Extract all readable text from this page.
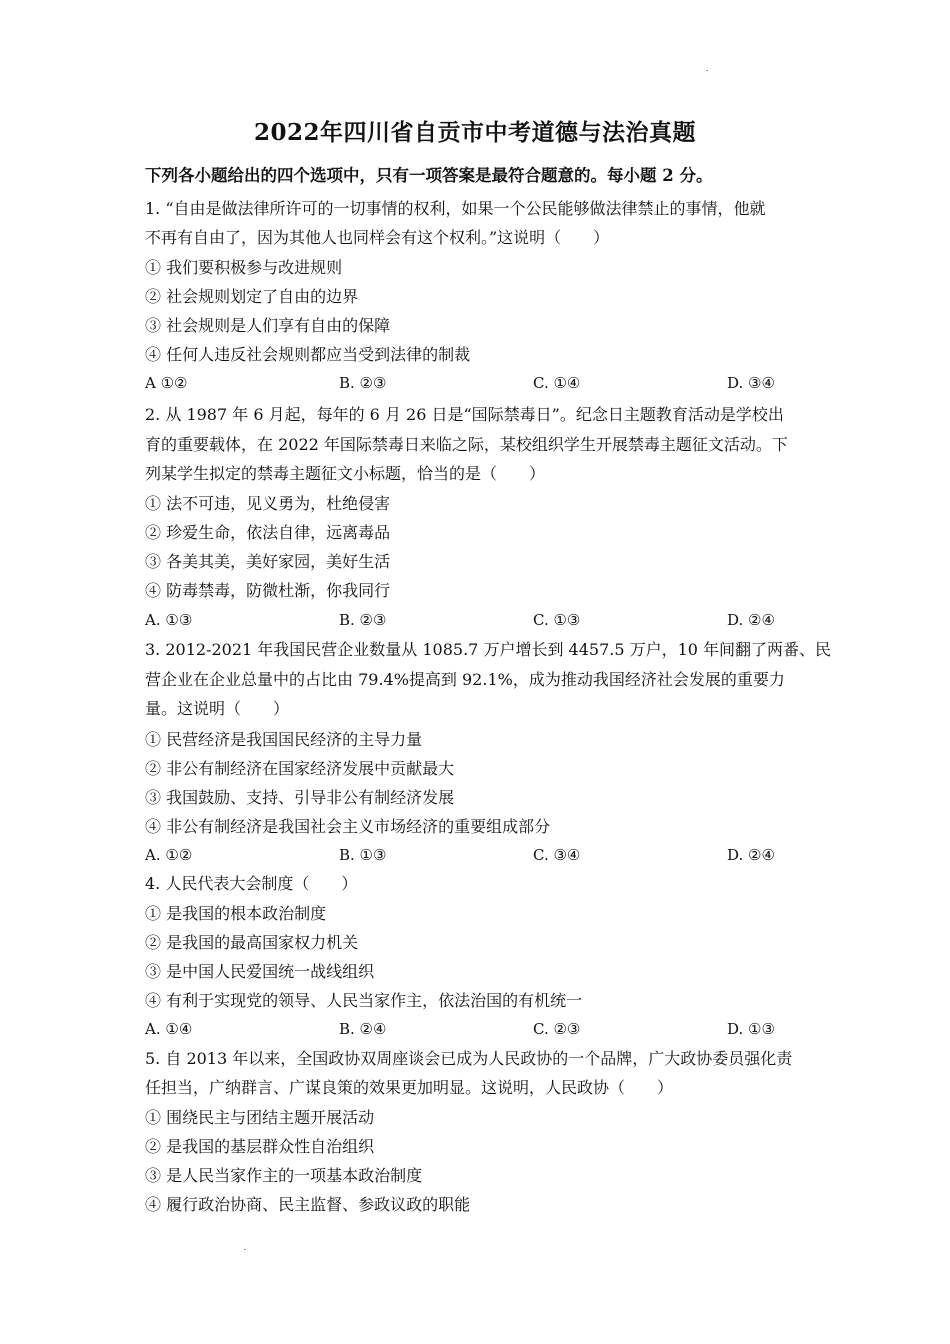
2022年四川省自贡市中考道德与法治真题
下列各小题给出的四个选项中，只有一项答案是最符合题意的。每小题 2 分。
1. “自由是做法律所许可的一切事情的权利，如果一个公民能够做法律禁止的事情，他就
不再有自由了，因为其他人也同样会有这个权利。”这说明（　　）
① 我们要积极参与改进规则
② 社会规则划定了自由的边界
③ 社会规则是人们享有自由的保障
④ 任何人违反社会规则都应当受到法律的制裁
A ①②	B. ②③	C. ①④	D. ③④
2. 从 1987 年 6 月起，每年的 6 月 26 日是“国际禁毒日”。纪念日主题教育活动是学校出
育的重要载体，在 2022 年国际禁毒日来临之际，某校组织学生开展禁毒主题征文活动。下
列某学生拟定的禁毒主题征文小标题，恰当的是（　　）
① 法不可违，见义勇为，杜绝侵害
② 珍爱生命，依法自律，远离毒品
③ 各美其美，美好家园，美好生活
④ 防毒禁毒，防微杜渐，你我同行
A. ①③	B. ②③	C. ①③	D. ②④
3. 2012-2021 年我国民营企业数量从 1085.7 万户增长到 4457.5 万户，10 年间翻了两番、民
营企业在企业总量中的占比由 79.4%提高到 92.1%，成为推动我国经济社会发展的重要力
量。这说明（　　）
① 民营经济是我国国民经济的主导力量
② 非公有制经济在国家经济发展中贡献最大
③ 我国鼓励、支持、引导非公有制经济发展
④ 非公有制经济是我国社会主义市场经济的重要组成部分
A. ①②	B. ①③	C. ③④	D. ②④
4. 人民代表大会制度（　　）
① 是我国的根本政治制度
② 是我国的最高国家权力机关
③ 是中国人民爱国统一战线组织
④ 有利于实现党的领导、人民当家作主，依法治国的有机统一
A. ①④	B. ②④	C. ②③	D. ①③
5. 自 2013 年以来，全国政协双周座谈会已成为人民政协的一个品牌，广大政协委员强化责
任担当，广纳群言、广谋良策的效果更加明显。这说明，人民政协（　　）
① 围绕民主与团结主题开展活动
② 是我国的基层群众性自治组织
③ 是人民当家作主的一项基本政治制度
④ 履行政治协商、民主监督、参政议政的职能
